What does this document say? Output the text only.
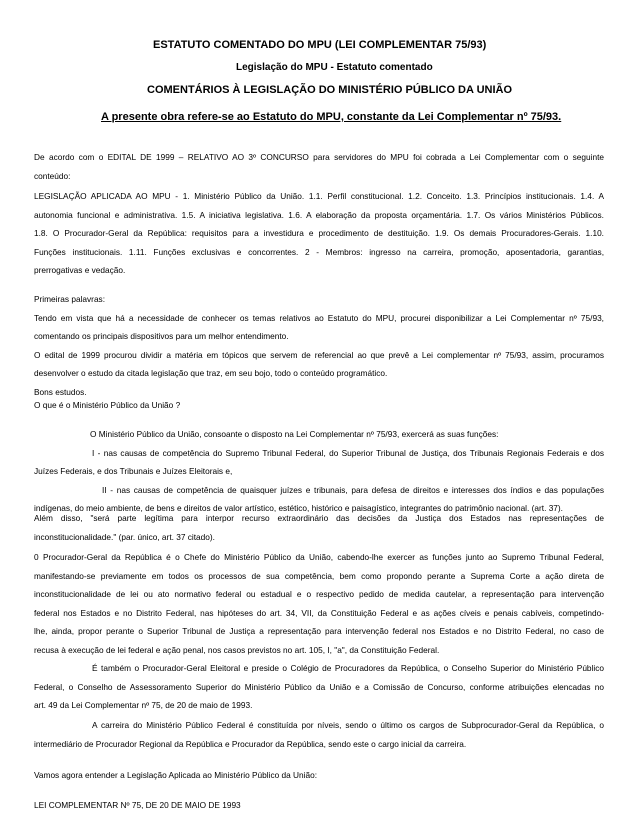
ESTATUTO COMENTADO DO MPU (LEI COMPLEMENTAR 75/93)
Legislação do MPU - Estatuto comentado
COMENTÁRIOS À LEGISLAÇÃO DO MINISTÉRIO PÚBLICO DA UNIÃO
A presente obra refere-se ao Estatuto do MPU, constante da Lei Complementar nº 75/93.
De acordo com o EDITAL DE 1999 – RELATIVO AO 3º CONCURSO para servidores do MPU foi cobrada a Lei Complementar com o seguinte
conteúdo:
LEGISLAÇÃO APLICADA AO MPU - 1. Ministério Público da União. 1.1. Perfil constitucional. 1.2. Conceito. 1.3. Princípios institucionais. 1.4. A
autonomia funcional e administrativa. 1.5. A iniciativa legislativa. 1.6. A elaboração da proposta orçamentária. 1.7. Os vários Ministérios Públicos.
1.8. O Procurador-Geral da República: requisitos para a investidura e procedimento de destituição. 1.9. Os demais Procuradores-Gerais. 1.10.
Funções institucionais. 1.11. Funções exclusivas e concorrentes. 2 - Membros: ingresso na carreira, promoção, aposentadoria, garantias,
prerrogativas e vedação.
Primeiras palavras:
Tendo em vista que há a necessidade de conhecer os temas relativos ao Estatuto do MPU, procurei disponibilizar a Lei Complementar nº 75/93,
comentando os principais dispositivos para um melhor entendimento.
O edital de 1999 procurou dividir a matéria em tópicos que servem de referencial ao que prevê a Lei complementar nº 75/93, assim, procuramos
desenvolver o estudo da citada legislação que traz, em seu bojo, todo o conteúdo programático.
Bons estudos.
O que é o Ministério Público da União ?
O Ministério Público da União, consoante o disposto na Lei Complementar nº 75/93, exercerá as suas funções:
I - nas causas de competência do Supremo Tribunal Federal, do Superior Tribunal de Justiça, dos Tribunais Regionais Federais e dos
Juízes Federais, e dos Tribunais e Juízes Eleitorais e,
II - nas causas de competência de quaisquer juízes e tribunais, para defesa de direitos e interesses dos índios e das populações
indígenas, do meio ambiente, de bens e direitos de valor artístico, estético, histórico e paisagístico, integrantes do patrimônio nacional. (art. 37).
Além disso, "será parte legítima para interpor recurso extraordinário das decisões da Justiça dos Estados nas representações de
inconstitucionalidade." (par. único, art. 37 citado).
0 Procurador-Geral da República é o Chefe do Ministério Público da União, cabendo-lhe exercer as funções junto ao Supremo Tribunal Federal,
manifestando-se previamente em todos os processos de sua competência, bem como propondo perante a Suprema Corte a ação direta de
inconstitucionalidade de lei ou ato normativo federal ou estadual e o respectivo pedido de medida cautelar, a representação para intervenção
federal nos Estados e no Distrito Federal, nas hipóteses do art. 34, VII, da Constituição Federal e as ações cíveis e penais cabíveis, competindo-
lhe, ainda, propor perante o Superior Tribunal de Justiça a representação para intervenção federal nos Estados e no Distrito Federal, no caso de
recusa à execução de lei federal e ação penal, nos casos previstos no art. 105, I, "a", da Constituição Federal.
É também o Procurador-Geral Eleitoral e preside o Colégio de Procuradores da República, o Conselho Superior do Ministério Público
Federal, o Conselho de Assessoramento Superior do Ministério Público da União e a Comissão de Concurso, conforme atribuições elencadas no
art. 49 da Lei Complementar nº 75, de 20 de maio de 1993.
A carreira do Ministério Público Federal é constituída por níveis, sendo o último os cargos de Subprocurador-Geral da República, o
intermediário de Procurador Regional da República e Procurador da República, sendo este o cargo inicial da carreira.
Vamos agora entender a Legislação Aplicada ao Ministério Público da União:
LEI COMPLEMENTAR Nº 75, DE 20 DE MAIO DE 1993
